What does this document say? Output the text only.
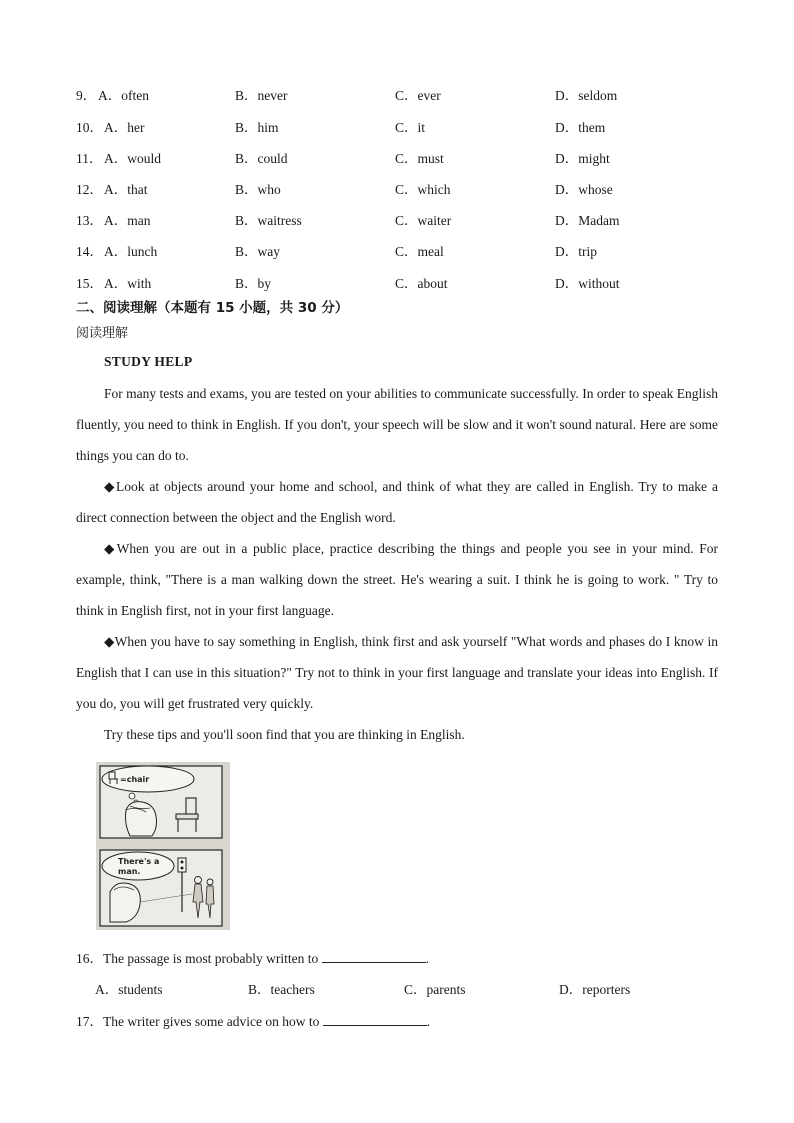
9． A．often	B．never	C．ever	D．seldom
10． A．her	B．him	C．it	D．them
11． A．would	B．could	C．must	D．might
12． A．that	B．who	C．which	D．whose
13． A．man	B．waitress	C．waiter	D．Madam
14． A．lunch	B．way	C．meal	D．trip
15． A．with	B．by	C．about	D．without
二、阅读理解（本题有 15 小题，共 30 分）
阅读理解
STUDY HELP

For many tests and exams, you are tested on your abilities to communicate successfully. In order to speak English fluently, you need to think in English. If you don't, your speech will be slow and it won't sound natural. Here are some things you can do to.

◆Look at objects around your home and school, and think of what they are called in English. Try to make a direct connection between the object and the English word.

◆When you are out in a public place, practice describing the things and people you see in your mind. For example, think, "There is a man walking down the street. He's wearing a suit. I think he is going to work. " Try to think in English first, not in your first language.

◆When you have to say something in English, think first and ask yourself "What words and phases do I know in English that I can use in this situation?" Try not to think in your first language and translate your ideas into English. If you do, you will get frustrated very quickly.

Try these tips and you'll soon find that you are thinking in English.

=chair
There's a
man.
16．The passage is most probably written to	.
A．students	B．teachers	C．parents	D．reporters
17．The writer gives some advice on how to	.
